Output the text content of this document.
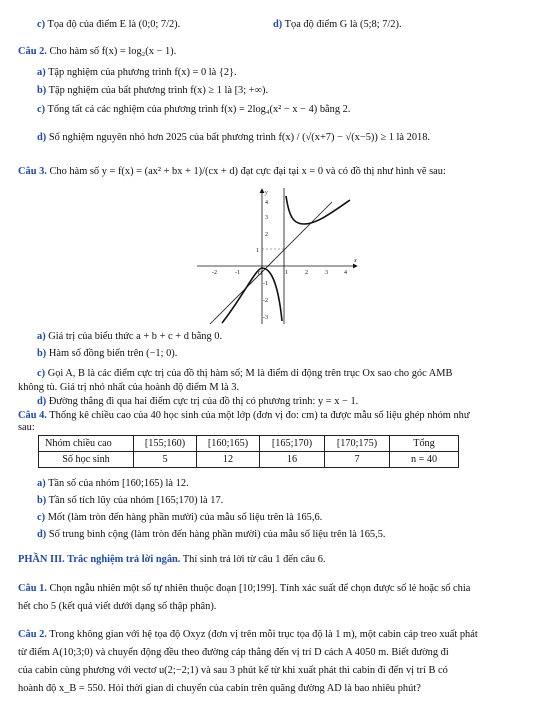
c) Tọa độ của điểm E là (0;0; 7/2).	d) Tọa độ điểm G là (5;8; 7/2).
Câu 2. Cho hàm số f(x) = log₂(x − 1).
a) Tập nghiệm của phương trình f(x) = 0 là {2}.
b) Tập nghiệm của bất phương trình f(x) ≥ 1 là [3; +∞).
c) Tổng tất cả các nghiệm của phương trình f(x) = 2log₄(x² − x − 4) bằng 2.
d) Số nghiệm nguyên nhỏ hơn 2025 của bất phương trình f(x) / (√(x+7) − √(x−5)) ≥ 1 là 2018.
Câu 3. Cho hàm số y = f(x) = (ax² + bx + 1)/(cx + d) đạt cực đại tại x = 0 và có đồ thị như hình vẽ sau:
-2	-1	O	1	2	3	4
x
4
3
2
1
-1
-2
-3
y
a) Giá trị của biểu thức a + b + c + d bằng 0.
b) Hàm số đồng biến trên (−1; 0).
c) Gọi A, B là các điểm cực trị của đồ thị hàm số; M là điểm di động trên trục Ox sao cho góc AMB
không tù. Giá trị nhỏ nhất của hoành độ điểm M là 3.
d) Đường thẳng đi qua hai điểm cực trị của đồ thị có phương trình: y = x − 1.
Câu 4. Thống kê chiều cao của 40 học sinh của một lớp (đơn vị đo: cm) ta được mẫu số liệu ghép nhóm như
sau:
Nhóm chiều cao	[155;160)	[160;165)	[165;170)	[170;175)	Tổng
Số học sinh	5	12	16	7	n = 40
a) Tần số của nhóm [160;165) là 12.
b) Tần số tích lũy của nhóm [165;170) là 17.
c) Mốt (làm tròn đến hàng phần mười) của mẫu số liệu trên là 165,6.
d) Số trung bình cộng (làm tròn đến hàng phần mười) của mẫu số liệu trên là 165,5.
PHẦN III. Trắc nghiệm trả lời ngắn. Thí sinh trả lời từ câu 1 đến câu 6.
Câu 1. Chọn ngẫu nhiên một số tự nhiên thuộc đoạn [10;199]. Tính xác suất để chọn được số lẻ hoặc số chia
hết cho 5 (kết quả viết dưới dạng số thập phân).
Câu 2. Trong không gian với hệ tọa độ Oxyz (đơn vị trên mỗi trục tọa độ là 1 m), một cabin cáp treo xuất phát
từ điểm A(10;3;0) và chuyển động đều theo đường cáp thẳng đến vị trí D cách A 4050 m. Biết đường đi
của cabin cùng phương với vectơ u(2;−2;1) và sau 3 phút kể từ khi xuất phát thì cabin đi đến vị trí B có
hoành độ x_B = 550. Hỏi thời gian di chuyển của cabin trên quãng đường AD là bao nhiêu phút?
